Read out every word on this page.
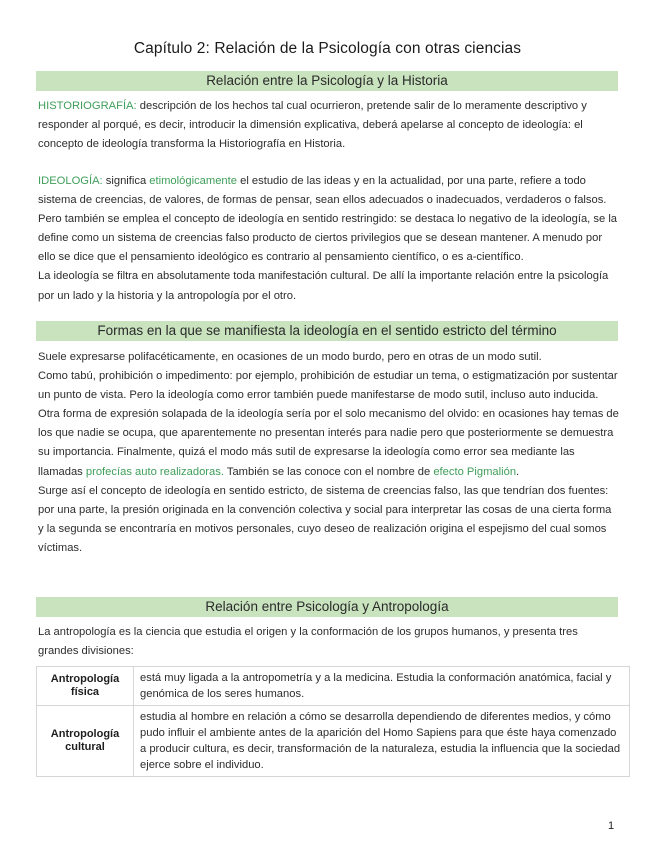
Capítulo 2: Relación de la Psicología con otras ciencias
Relación entre la Psicología y la Historia

HISTORIOGRAFÍA: descripción de los hechos tal cual ocurrieron, pretende salir de lo meramente descriptivo y responder al porqué, es decir, introducir la dimensión explicativa, deberá apelarse al concepto de ideología: el concepto de ideología transforma la Historiografía en Historia.

IDEOLOGÍA: significa etimológicamente el estudio de las ideas y en la actualidad, por una parte, refiere a todo sistema de creencias, de valores, de formas de pensar, sean ellos adecuados o inadecuados, verdaderos o falsos. Pero también se emplea el concepto de ideología en sentido restringido: se destaca lo negativo de la ideología, se la define como un sistema de creencias falso producto de ciertos privilegios que se desean mantener. A menudo por ello se dice que el pensamiento ideológico es contrario al pensamiento científico, o es a-científico.

La ideología se filtra en absolutamente toda manifestación cultural. De allí la importante relación entre la psicología por un lado y la historia y la antropología por el otro.

Formas en la que se manifiesta la ideología en el sentido estricto del término

Suele expresarse polifacéticamente, en ocasiones de un modo burdo, pero en otras de un modo sutil.

Como tabú, prohibición o impedimento: por ejemplo, prohibición de estudiar un tema, o estigmatización por sustentar un punto de vista. Pero la ideología como error también puede manifestarse de modo sutil, incluso auto inducida. Otra forma de expresión solapada de la ideología sería por el solo mecanismo del olvido: en ocasiones hay temas de los que nadie se ocupa, que aparentemente no presentan interés para nadie pero que posteriormente se demuestra su importancia. Finalmente, quizá el modo más sutil de expresarse la ideología como error sea mediante las llamadas profecías auto realizadoras. También se las conoce con el nombre de efecto Pigmalión.

Surge así el concepto de ideología en sentido estricto, de sistema de creencias falso, las que tendrían dos fuentes: por una parte, la presión originada en la convención colectiva y social para interpretar las cosas de una cierta forma y la segunda se encontraría en motivos personales, cuyo deseo de realización origina el espejismo del cual somos víctimas.

Relación entre Psicología y Antropología
La antropología es la ciencia que estudia el origen y la conformación de los grupos humanos, y presenta tres grandes divisiones:
Antropología física	está muy ligada a la antropometría y a la medicina. Estudia la conformación anatómica, facial y genómica de los seres humanos.
Antropología cultural	estudia al hombre en relación a cómo se desarrolla dependiendo de diferentes medios, y cómo pudo influir el ambiente antes de la aparición del Homo Sapiens para que éste haya comenzado a producir cultura, es decir, transformación de la naturaleza, estudia la influencia que la sociedad ejerce sobre el individuo.
1
